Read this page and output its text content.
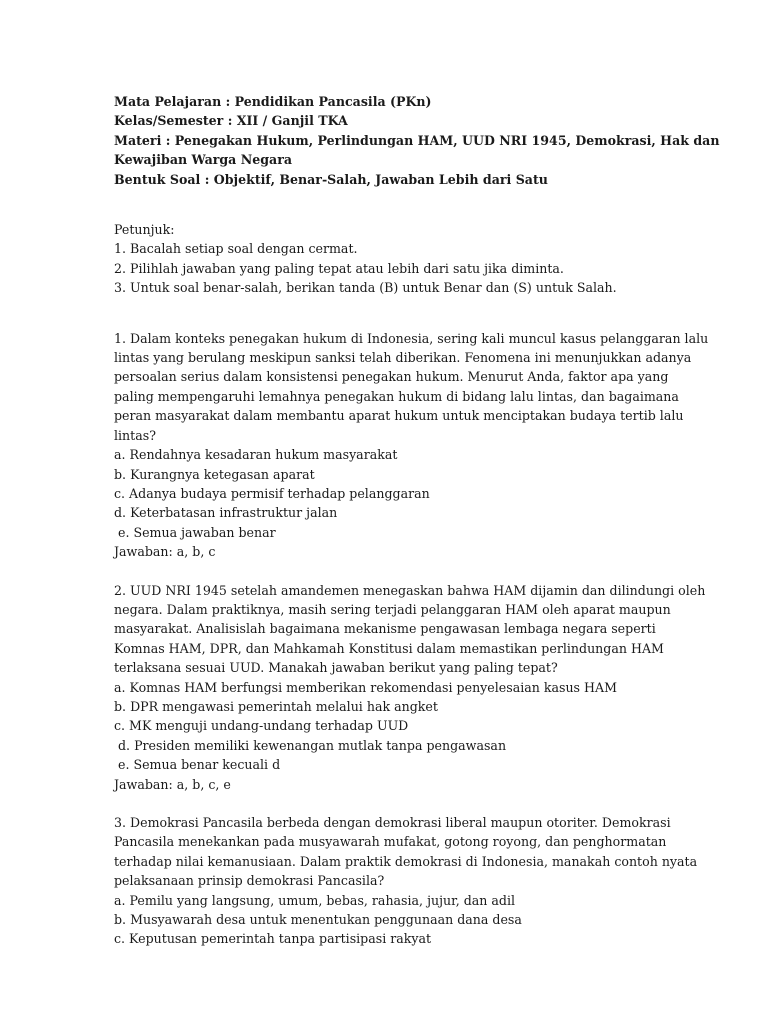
Mata Pelajaran : Pendidikan Pancasila (PKn)
Kelas/Semester : XII / Ganjil TKA
Materi : Penegakan Hukum, Perlindungan HAM, UUD NRI 1945, Demokrasi, Hak dan
Kewajiban Warga Negara
Bentuk Soal : Objektif, Benar-Salah, Jawaban Lebih dari Satu
Petunjuk:
1. Bacalah setiap soal dengan cermat.
2. Pilihlah jawaban yang paling tepat atau lebih dari satu jika diminta.
3. Untuk soal benar-salah, berikan tanda (B) untuk Benar dan (S) untuk Salah.
1. Dalam konteks penegakan hukum di Indonesia, sering kali muncul kasus pelanggaran lalu
lintas yang berulang meskipun sanksi telah diberikan. Fenomena ini menunjukkan adanya
persoalan serius dalam konsistensi penegakan hukum. Menurut Anda, faktor apa yang
paling mempengaruhi lemahnya penegakan hukum di bidang lalu lintas, dan bagaimana
peran masyarakat dalam membantu aparat hukum untuk menciptakan budaya tertib lalu
lintas?
a. Rendahnya kesadaran hukum masyarakat
b. Kurangnya ketegasan aparat
c. Adanya budaya permisif terhadap pelanggaran
d. Keterbatasan infrastruktur jalan
e. Semua jawaban benar
Jawaban: a, b, c
2. UUD NRI 1945 setelah amandemen menegaskan bahwa HAM dijamin dan dilindungi oleh
negara. Dalam praktiknya, masih sering terjadi pelanggaran HAM oleh aparat maupun
masyarakat. Analisislah bagaimana mekanisme pengawasan lembaga negara seperti
Komnas HAM, DPR, dan Mahkamah Konstitusi dalam memastikan perlindungan HAM
terlaksana sesuai UUD. Manakah jawaban berikut yang paling tepat?
a. Komnas HAM berfungsi memberikan rekomendasi penyelesaian kasus HAM
b. DPR mengawasi pemerintah melalui hak angket
c. MK menguji undang-undang terhadap UUD
d. Presiden memiliki kewenangan mutlak tanpa pengawasan
e. Semua benar kecuali d
Jawaban: a, b, c, e
3. Demokrasi Pancasila berbeda dengan demokrasi liberal maupun otoriter. Demokrasi
Pancasila menekankan pada musyawarah mufakat, gotong royong, dan penghormatan
terhadap nilai kemanusiaan. Dalam praktik demokrasi di Indonesia, manakah contoh nyata
pelaksanaan prinsip demokrasi Pancasila?
a. Pemilu yang langsung, umum, bebas, rahasia, jujur, dan adil
b. Musyawarah desa untuk menentukan penggunaan dana desa
c. Keputusan pemerintah tanpa partisipasi rakyat
